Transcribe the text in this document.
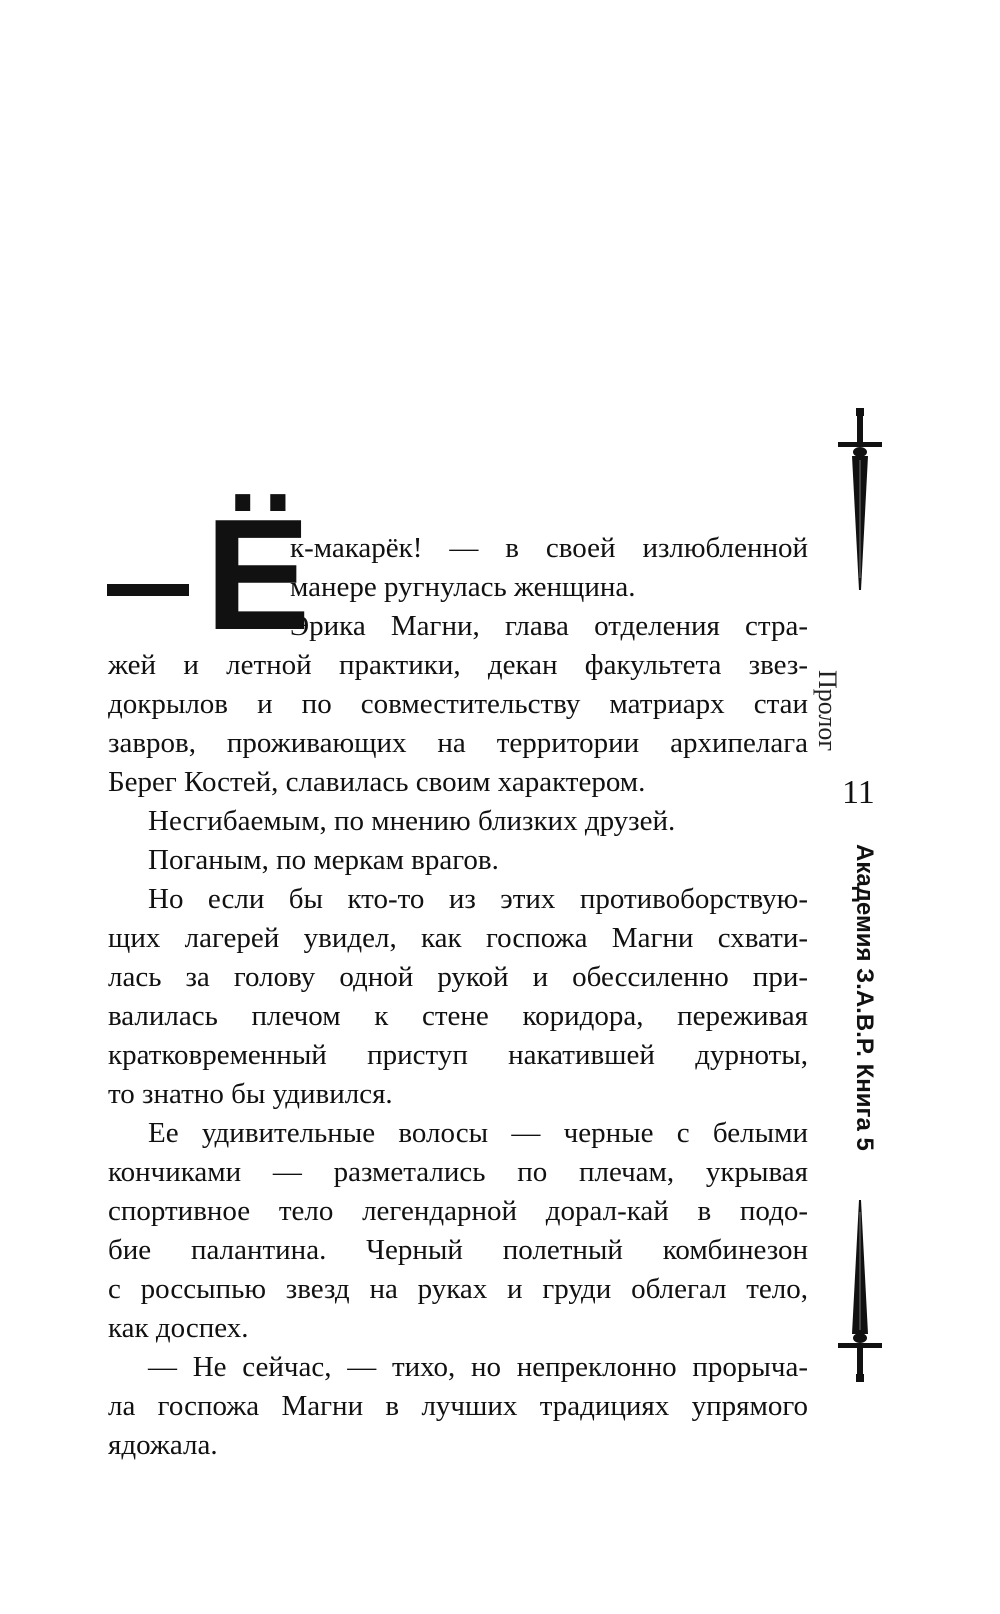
Ё
к-макарёк! — в своей излюбленной
манере ругнулась женщина.
Эрика Магни, глава отделения стра-
жей и летной практики, декан факультета звез-
докрылов и по совместительству матриарх стаи
завров, проживающих на территории архипелага
Берег Костей, славилась своим характером.
Несгибаемым, по мнению близких друзей.
Поганым, по меркам врагов.
Но если бы кто-то из этих противоборствую-
щих лагерей увидел, как госпожа Магни схвати-
лась за голову одной рукой и обессиленно при-
валилась плечом к стене коридора, переживая
кратковременный приступ накатившей дурноты,
то знатно бы удивился.
Ее удивительные волосы — черные с белыми
кончиками — разметались по плечам, укрывая
спортивное тело легендарной дорал-кай в подо-
бие палантина. Черный полетный комбинезон
с россыпью звезд на руках и груди облегал тело,
как доспех.
— Не сейчас, — тихо, но непреклонно прорыча-
ла госпожа Магни в лучших традициях упрямого
ядожала.
Пролог
11
Академия З.А.В.Р. Книга 5
